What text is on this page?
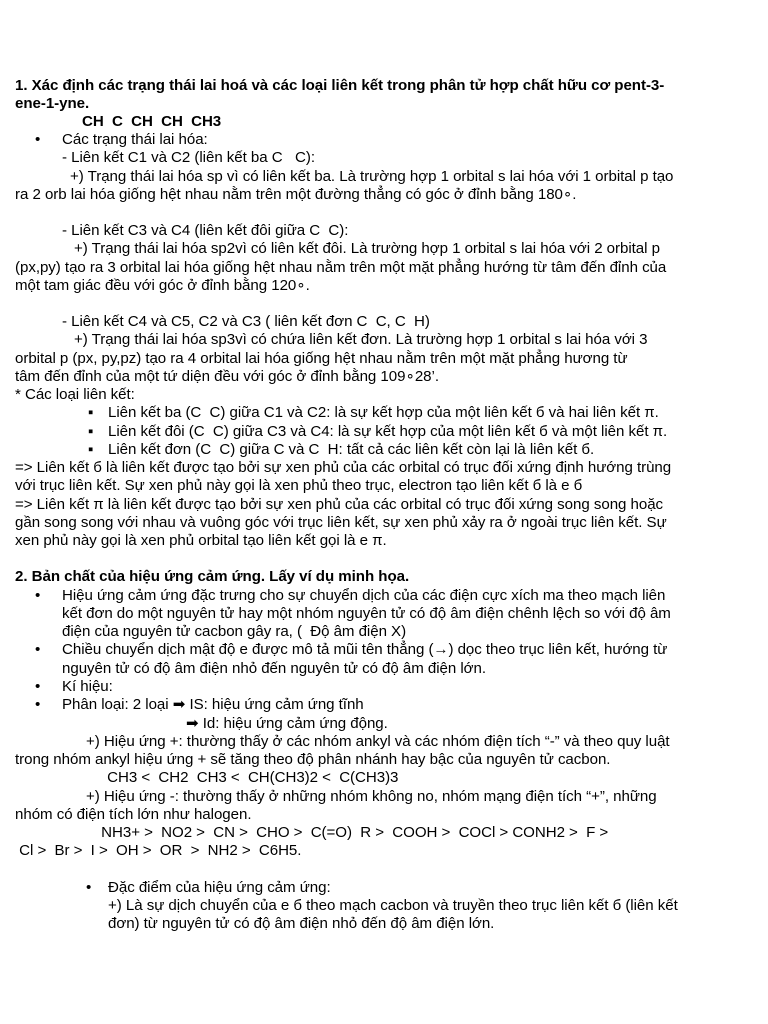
1. Xác định các trạng thái lai hoá và các loại liên kết trong phân tử hợp chất hữu cơ pent-3-
ene-1-yne.
CH  C  CH  CH  CH3
• Các trạng thái lai hóa:
- Liên kết C1 và C2 (liên kết ba C   C):
+) Trạng thái lai hóa sp vì có liên kết ba. Là trường hợp 1 orbital s lai hóa với 1 orbital p tạo
ra 2 orb lai hóa giống hệt nhau nằm trên một đường thẳng có góc ở đỉnh bằng 180∘.
- Liên kết C3 và C4 (liên kết đôi giữa C  C):
+) Trạng thái lai hóa sp2vì có liên kết đôi. Là trường hợp 1 orbital s lai hóa với 2 orbital p
(px,py) tạo ra 3 orbital lai hóa giống hệt nhau nằm trên một mặt phẳng hướng từ tâm đến đỉnh của
một tam giác đều với góc ở đỉnh bằng 120∘.
- Liên kết C4 và C5, C2 và C3 ( liên kết đơn C  C, C  H)
+) Trạng thái lai hóa sp3vì có chứa liên kết đơn. Là trường hợp 1 orbital s lai hóa với 3
orbital p (px, py,pz) tạo ra 4 orbital lai hóa giống hệt nhau nằm trên một mặt phẳng hương từ
tâm đến đỉnh của một tứ diện đều với góc ở đỉnh bằng 109∘28’.
* Các loại liên kết:
▪ Liên kết ba (C  C) giữa C1 và C2: là sự kết hợp của một liên kết б và hai liên kết π.
▪ Liên kết đôi (C  C) giữa C3 và C4: là sự kết hợp của một liên kết б và một liên kết π.
▪ Liên kết đơn (C  C) giữa C và C  H: tất cả các liên kết còn lại là liên kết б.
=> Liên kết б là liên kết được tạo bởi sự xen phủ của các orbital có trục đối xứng định hướng trùng
với trục liên kết. Sự xen phủ này gọi là xen phủ theo trục, electron tạo liên kết б là e б
=> Liên kết π là liên kết được tạo bởi sự xen phủ của các orbital có trục đối xứng song song hoặc
gần song song với nhau và vuông góc với trục liên kết, sự xen phủ xảy ra ở ngoài trục liên kết. Sự
xen phủ này gọi là xen phủ orbital tạo liên kết gọi là e π.
2. Bản chất của hiệu ứng cảm ứng. Lấy ví dụ minh họa.
• Hiệu ứng cảm ứng đặc trưng cho sự chuyển dịch của các điện cực xích ma theo mạch liên
kết đơn do một nguyên tử hay một nhóm nguyên tử có độ âm điện chênh lệch so với độ âm
điện của nguyên tử cacbon gây ra, (  Độ âm điện X)
• Chiều chuyển dịch mật độ e được mô tả mũi tên thẳng (→) dọc theo trục liên kết, hướng từ
nguyên tử có độ âm điện nhỏ đến nguyên tử có độ âm điện lớn.
• Kí hiệu:
• Phân loại: 2 loại ➡ IS: hiệu ứng cảm ứng tĩnh
➡ Id: hiệu ứng cảm ứng động.
+) Hiệu ứng +: thường thấy ở các nhóm ankyl và các nhóm điện tích “-” và theo quy luật
trong nhóm ankyl hiệu ứng + sẽ tăng theo độ phân nhánh hay bậc của nguyên tử cacbon.
CH3 <  CH2  CH3 <  CH(CH3)2 <  C(CH3)3
+) Hiệu ứng -: thường thấy ở những nhóm không no, nhóm mạng điện tích “+”, những
nhóm có điện tích lớn như halogen.
NH3+ >  NO2 >  CN >  CHO >  C(=O)  R >  COOH >  COCl > CONH2 >  F >
Cl >  Br >  I >  OH >  OR  >  NH2 >  C6H5.
• Đặc điểm của hiệu ứng cảm ứng:
+) Là sự dịch chuyển của e б theo mạch cacbon và truyền theo trục liên kết б (liên kết
đơn) từ nguyên tử có độ âm điện nhỏ đến độ âm điện lớn.
